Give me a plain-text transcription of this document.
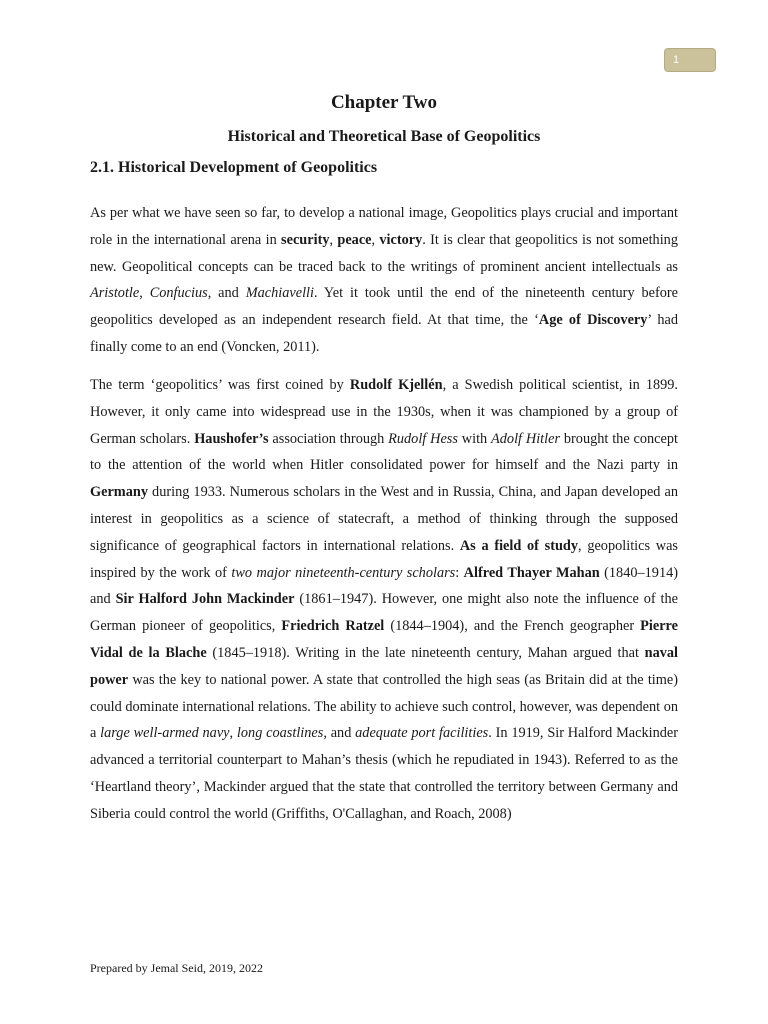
1
Chapter Two
Historical and Theoretical Base of Geopolitics
2.1. Historical Development of Geopolitics

As per what we have seen so far, to develop a national image, Geopolitics plays crucial and important role in the international arena in security, peace, victory. It is clear that geopolitics is not something new. Geopolitical concepts can be traced back to the writings of prominent ancient intellectuals as Aristotle, Confucius, and Machiavelli. Yet it took until the end of the nineteenth century before geopolitics developed as an independent research field. At that time, the ‘Age of Discovery’ had finally come to an end (Voncken, 2011).

The term ‘geopolitics’ was first coined by Rudolf Kjellén, a Swedish political scientist, in 1899. However, it only came into widespread use in the 1930s, when it was championed by a group of German scholars. Haushofer’s association through Rudolf Hess with Adolf Hitler brought the concept to the attention of the world when Hitler consolidated power for himself and the Nazi party in Germany during 1933. Numerous scholars in the West and in Russia, China, and Japan developed an interest in geopolitics as a science of statecraft, a method of thinking through the supposed significance of geographical factors in international relations. As a field of study, geopolitics was inspired by the work of two major nineteenth-century scholars: Alfred Thayer Mahan (1840–1914) and Sir Halford John Mackinder (1861–1947). However, one might also note the influence of the German pioneer of geopolitics, Friedrich Ratzel (1844–1904), and the French geographer Pierre Vidal de la Blache (1845–1918). Writing in the late nineteenth century, Mahan argued that naval power was the key to national power. A state that controlled the high seas (as Britain did at the time) could dominate international relations. The ability to achieve such control, however, was dependent on a large well-armed navy, long coastlines, and adequate port facilities. In 1919, Sir Halford Mackinder advanced a territorial counterpart to Mahan’s thesis (which he repudiated in 1943). Referred to as the ‘Heartland theory’, Mackinder argued that the state that controlled the territory between Germany and Siberia could control the world (Griffiths, O'Callaghan, and Roach, 2008)

Prepared by Jemal Seid, 2019, 2022
